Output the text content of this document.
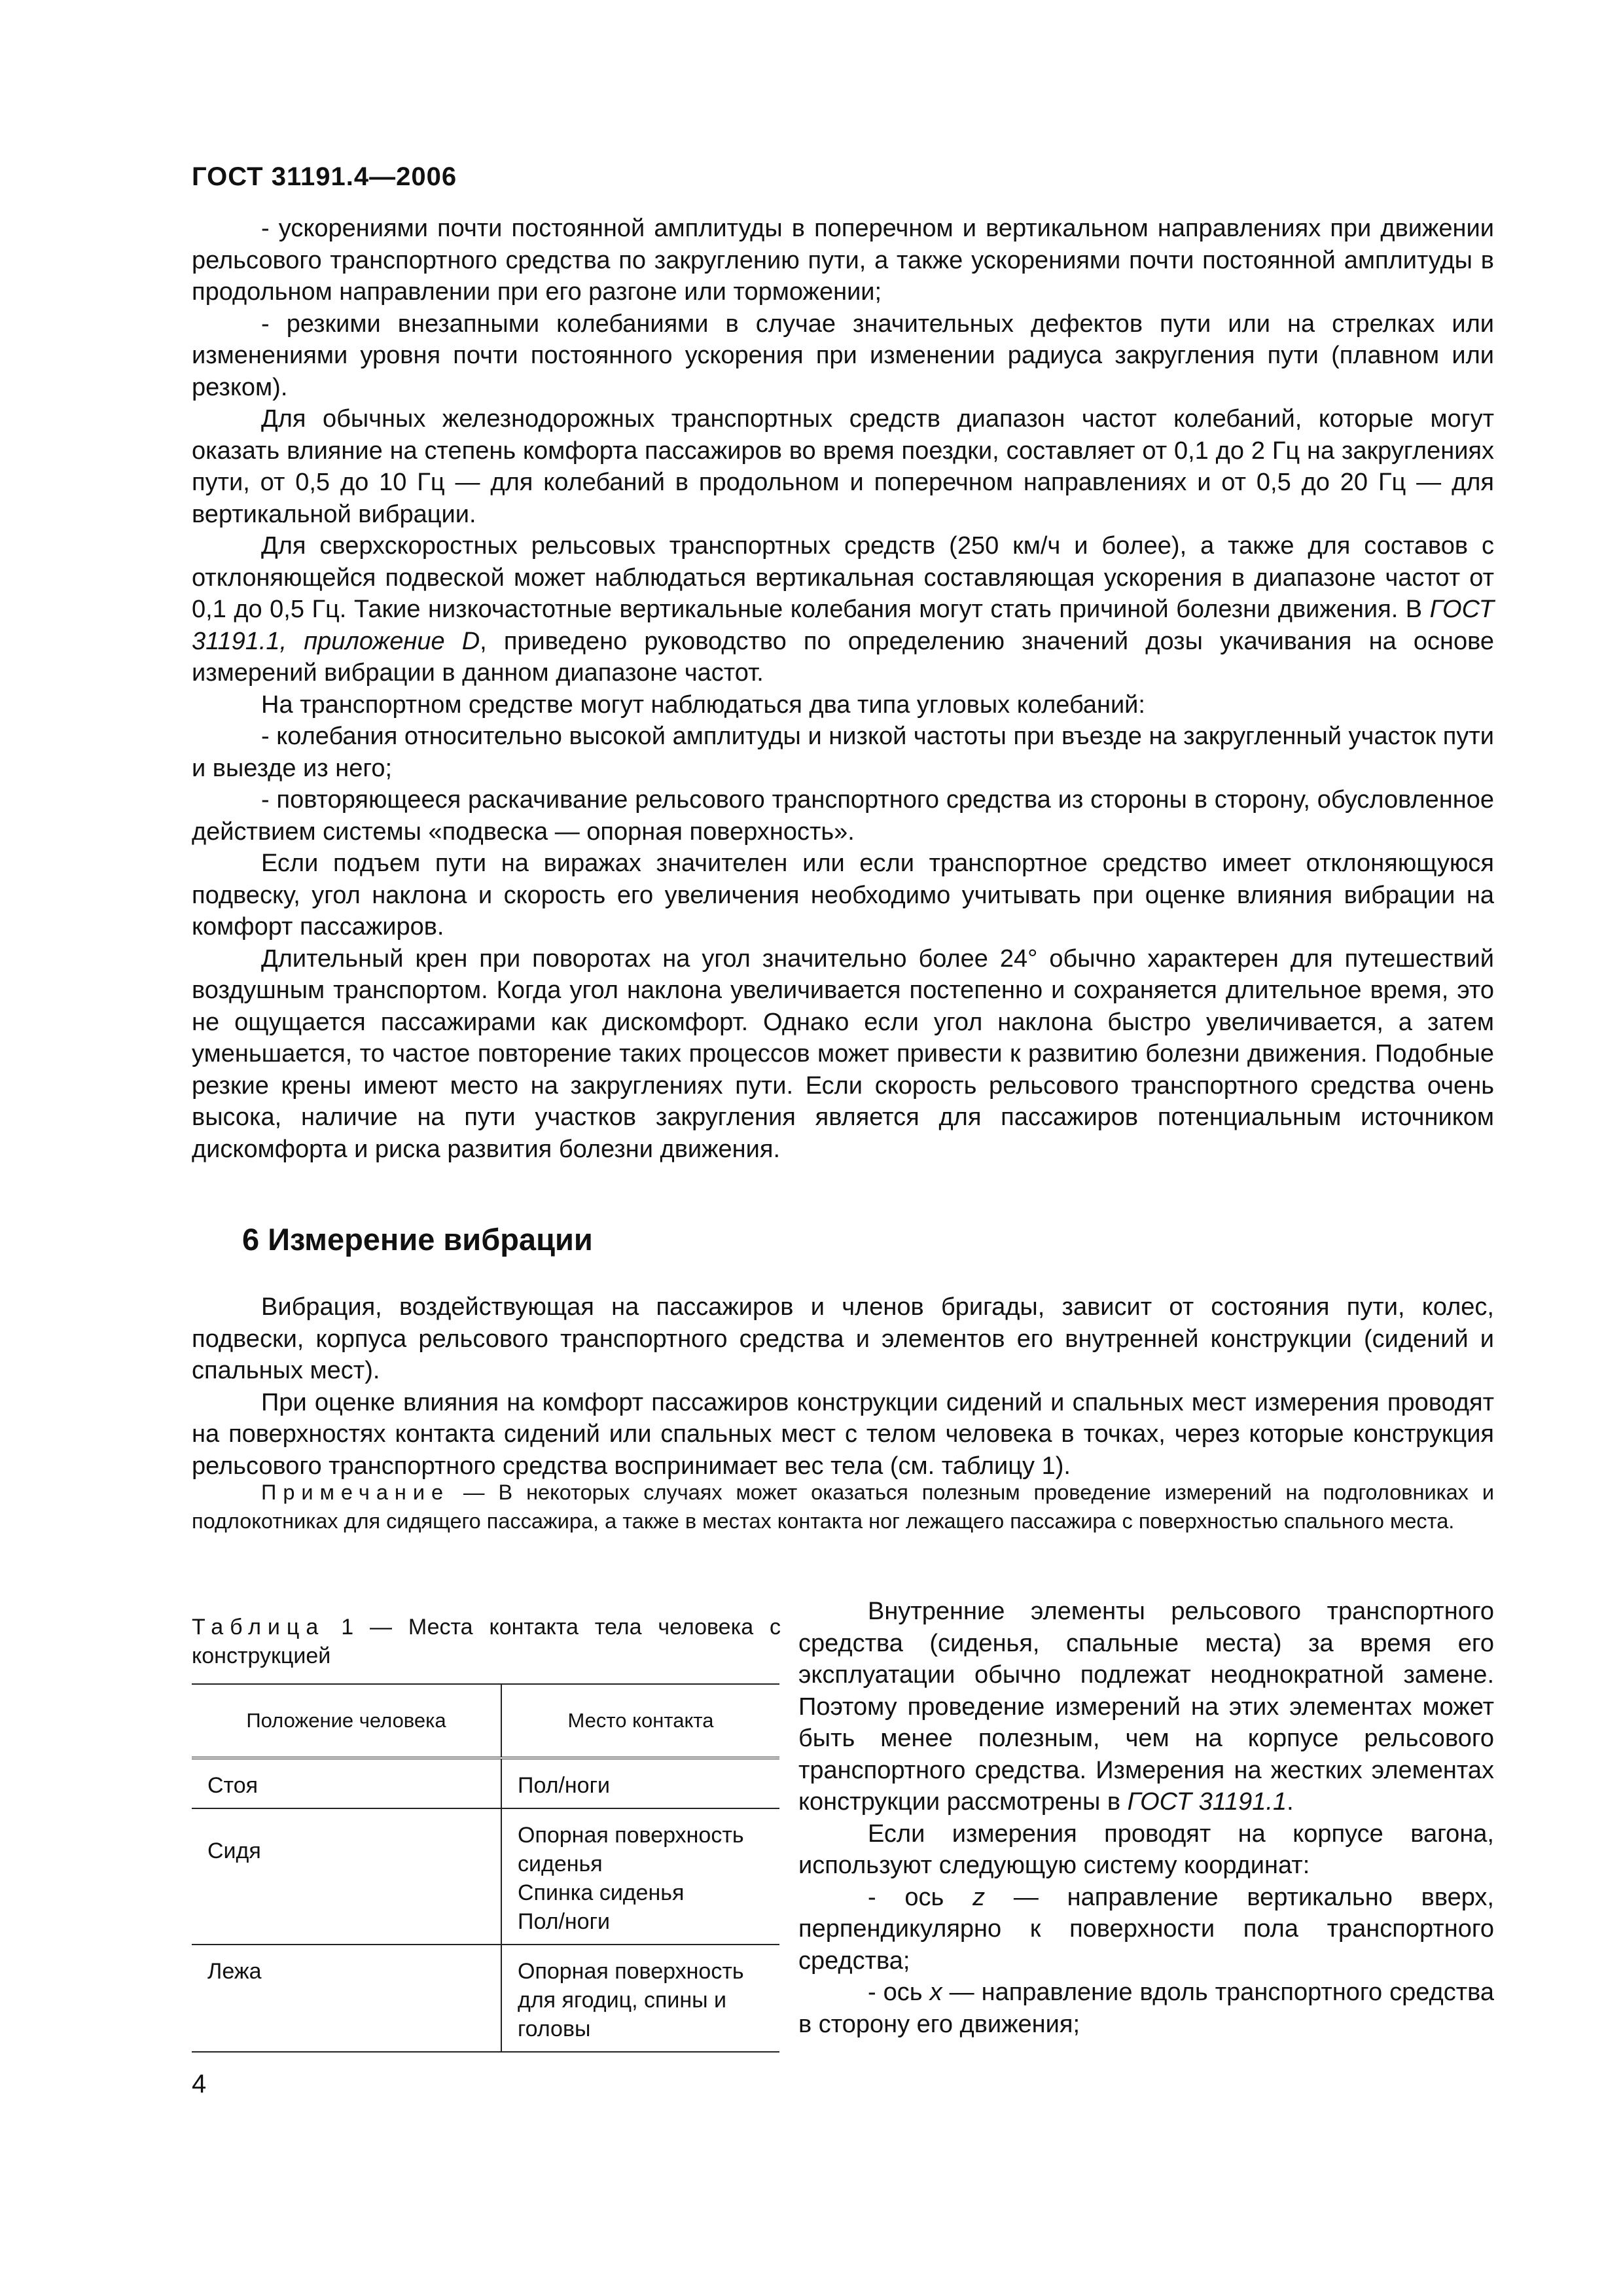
ГОСТ 31191.4—2006

- ускорениями почти постоянной амплитуды в поперечном и вертикальном направлениях при движении рельсового транспортного средства по закруглению пути, а также ускорениями почти постоянной амплитуды в продольном направлении при его разгоне или торможении;

- резкими внезапными колебаниями в случае значительных дефектов пути или на стрелках или изменениями уровня почти постоянного ускорения при изменении радиуса закругления пути (плавном или резком).

Для обычных железнодорожных транспортных средств диапазон частот колебаний, которые могут оказать влияние на степень комфорта пассажиров во время поездки, составляет от 0,1 до 2 Гц на закруглениях пути, от 0,5 до 10 Гц — для колебаний в продольном и поперечном направлениях и от 0,5 до 20 Гц — для вертикальной вибрации.

Для сверхскоростных рельсовых транспортных средств (250 км/ч и более), а также для составов с отклоняющейся подвеской может наблюдаться вертикальная составляющая ускорения в диапазоне частот от 0,1 до 0,5 Гц. Такие низкочастотные вертикальные колебания могут стать причиной болезни движения. В ГОСТ 31191.1, приложение D, приведено руководство по определению значений дозы укачивания на основе измерений вибрации в данном диапазоне частот.

На транспортном средстве могут наблюдаться два типа угловых колебаний:

- колебания относительно высокой амплитуды и низкой частоты при въезде на закругленный участок пути и выезде из него;

- повторяющееся раскачивание рельсового транспортного средства из стороны в сторону, обусловленное действием системы «подвеска — опорная поверхность».

Если подъем пути на виражах значителен или если транспортное средство имеет отклоняющуюся подвеску, угол наклона и скорость его увеличения необходимо учитывать при оценке влияния вибрации на комфорт пассажиров.

Длительный крен при поворотах на угол значительно более 24° обычно характерен для путешествий воздушным транспортом. Когда угол наклона увеличивается постепенно и сохраняется длительное время, это не ощущается пассажирами как дискомфорт. Однако если угол наклона быстро увеличивается, а затем уменьшается, то частое повторение таких процессов может привести к развитию болезни движения. Подобные резкие крены имеют место на закруглениях пути. Если скорость рельсового транспортного средства очень высока, наличие на пути участков закругления является для пассажиров потенциальным источником дискомфорта и риска развития болезни движения.

6 Измерение вибрации

Вибрация, воздействующая на пассажиров и членов бригады, зависит от состояния пути, колес, подвески, корпуса рельсового транспортного средства и элементов его внутренней конструкции (сидений и спальных мест).

При оценке влияния на комфорт пассажиров конструкции сидений и спальных мест измерения проводят на поверхностях контакта сидений или спальных мест с телом человека в точках, через которые конструкция рельсового транспортного средства воспринимает вес тела (см. таблицу 1).

Примечание — В некоторых случаях может оказаться полезным проведение измерений на подголовниках и подлокотниках для сидящего пассажира, а также в местах контакта ног лежащего пассажира с поверхностью спального места.
Таблица 1 — Места контакта тела человека с конструкцией
Положение человека	Место контакта
Стоя	Пол/ноги

Сидя	Опорная поверхность сиденья
Спинка сиденья
Пол/ноги

Лежа	Опорная поверхность для ягодиц, спины и головы

Внутренние элементы рельсового транспортного средства (сиденья, спальные места) за время его эксплуатации обычно подлежат неоднократной замене. Поэтому проведение измерений на этих элементах может быть менее полезным, чем на корпусе рельсового транспортного средства. Измерения на жестких элементах конструкции рассмотрены в ГОСТ 31191.1.

Если измерения проводят на корпусе вагона, используют следующую систему координат:

- ось z — направление вертикально вверх, перпендикулярно к поверхности пола транспортного средства;

- ось x — направление вдоль транспортного средства в сторону его движения;

4
